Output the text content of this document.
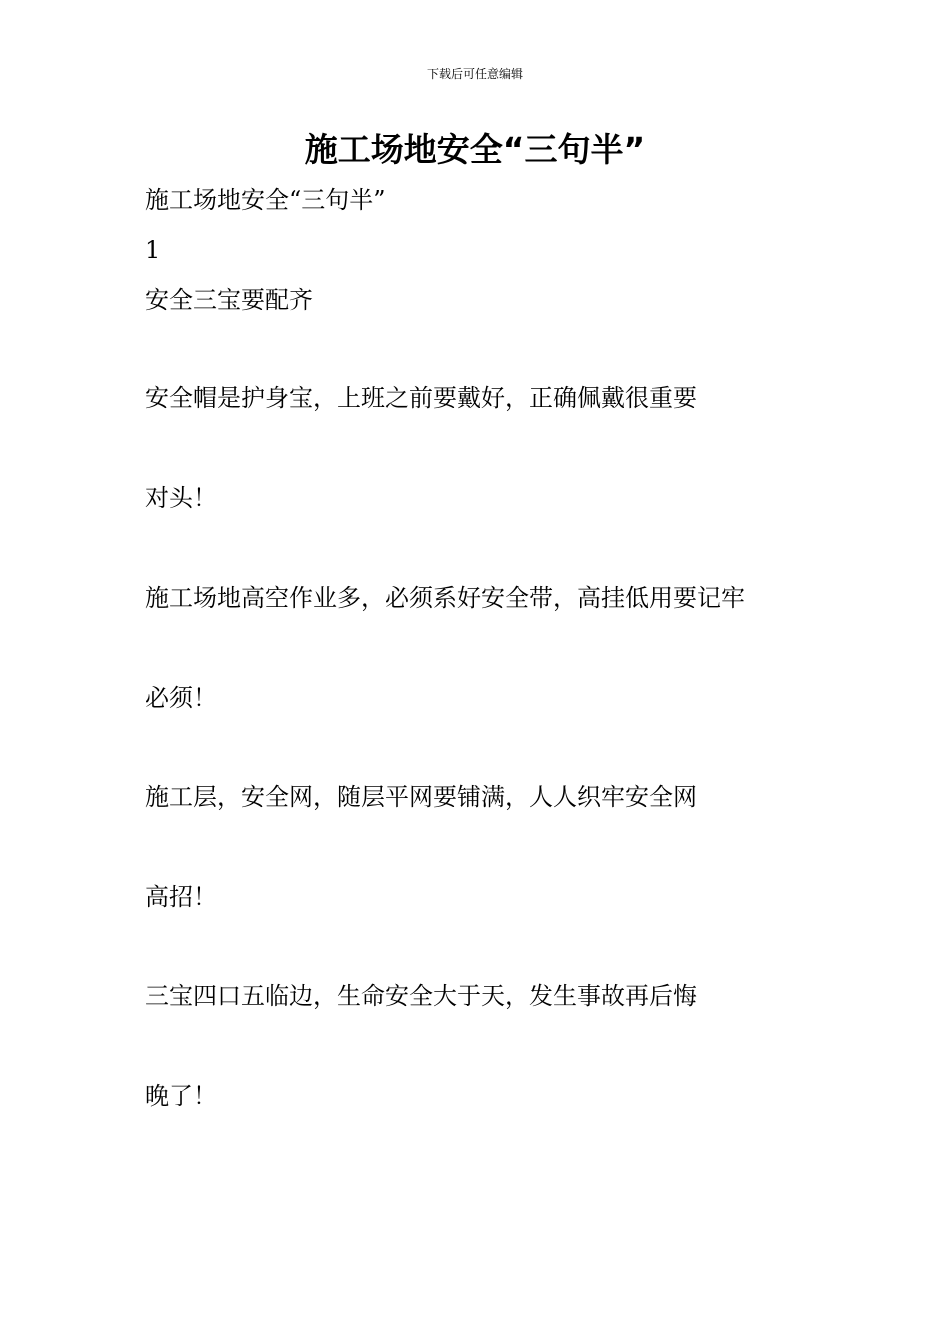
下载后可任意编辑
施工场地安全“三句半”
施工场地安全“三句半”
1
安全三宝要配齐
安全帽是护身宝，上班之前要戴好，正确佩戴很重要
对头！
施工场地高空作业多，必须系好安全带，高挂低用要记牢
必须！
施工层，安全网，随层平网要铺满，人人织牢安全网
高招！
三宝四口五临边，生命安全大于天，发生事故再后悔
晚了！
